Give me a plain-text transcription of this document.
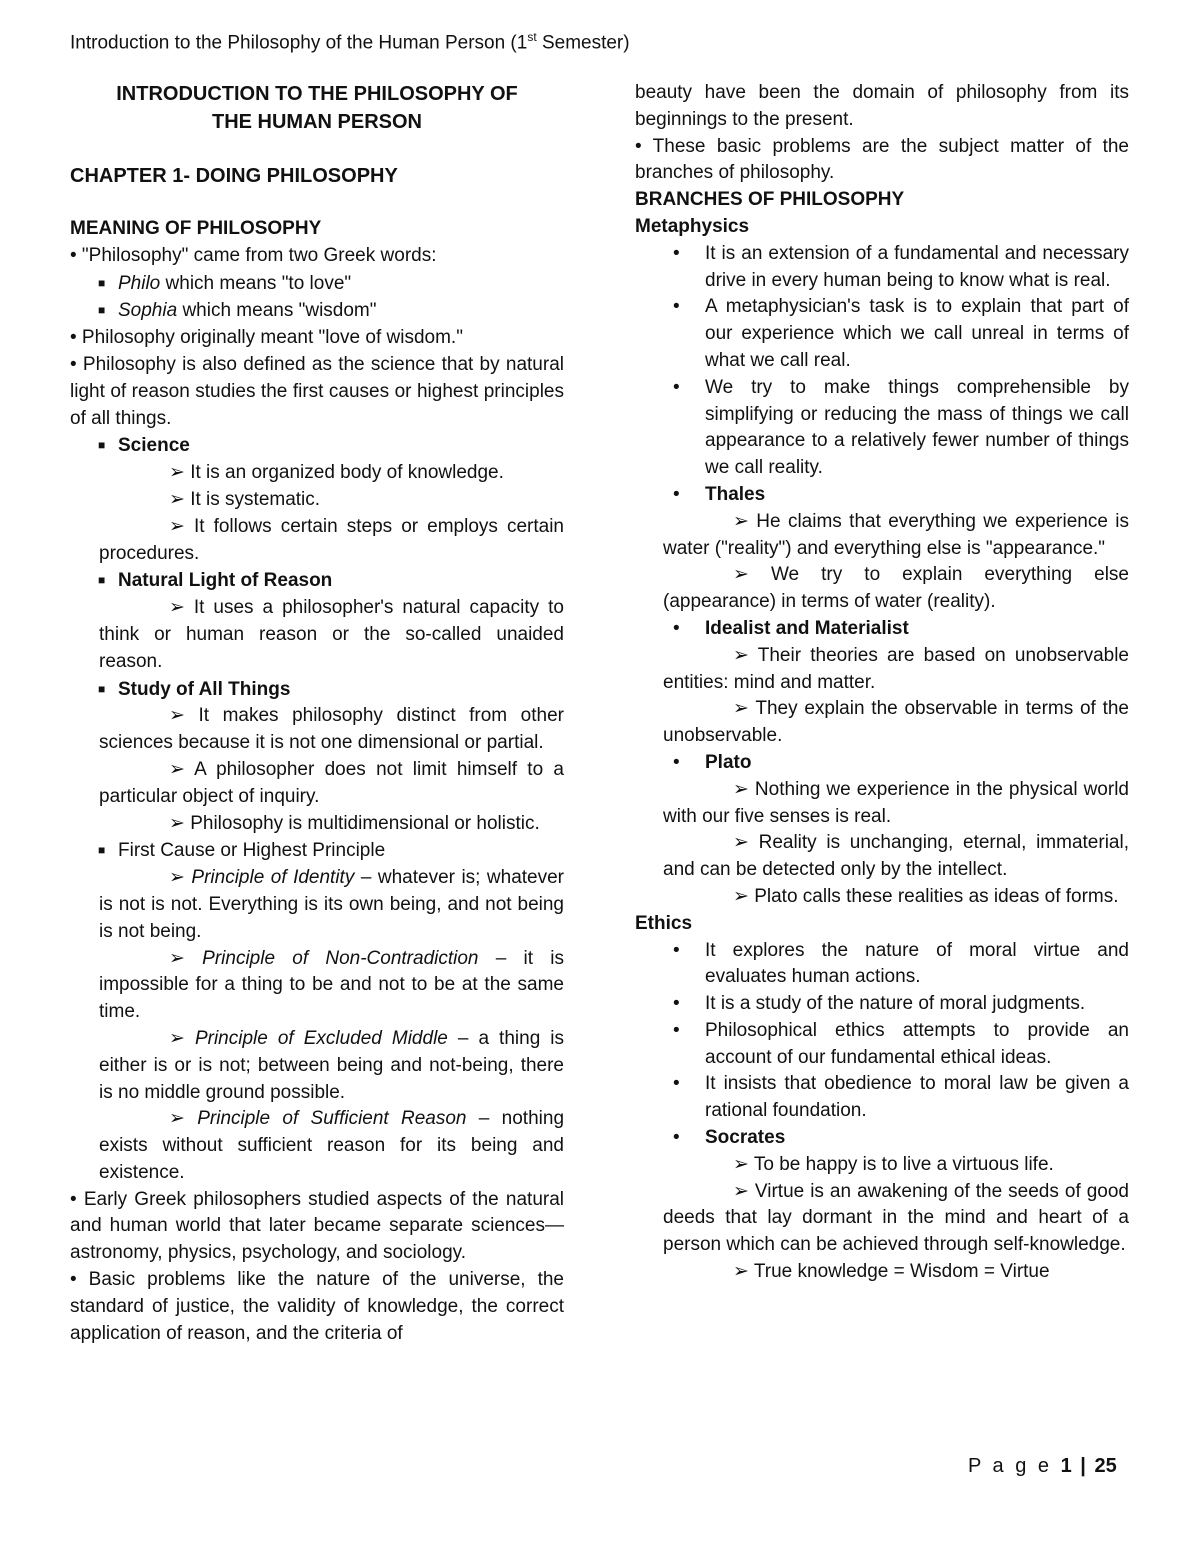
Introduction to the Philosophy of the Human Person (1st Semester)

INTRODUCTION TO THE PHILOSOPHY OF

THE HUMAN PERSON

CHAPTER 1- DOING PHILOSOPHY

MEANING OF PHILOSOPHY

• "Philosophy" came from two Greek words:

■ Philo which means "to love"

■ Sophia which means "wisdom"

• Philosophy originally meant "love of wisdom."

• Philosophy is also defined as the science that by natural light of reason studies the first causes or highest principles of all things.

■ Science

➢ It is an organized body of knowledge.

➢ It is systematic.

➢ It follows certain steps or employs certain procedures.

■ Natural Light of Reason

➢ It uses a philosopher's natural capacity to think or human reason or the so-called unaided reason.

■ Study of All Things

➢ It makes philosophy distinct from other sciences because it is not one dimensional or partial.

➢ A philosopher does not limit himself to a particular object of inquiry.

➢ Philosophy is multidimensional or holistic.

■ First Cause or Highest Principle

➢ Principle of Identity – whatever is; whatever is not is not. Everything is its own being, and not being is not being.

➢ Principle of Non-Contradiction – it is impossible for a thing to be and not to be at the same time.

➢ Principle of Excluded Middle – a thing is either is or is not; between being and not-being, there is no middle ground possible.

➢ Principle of Sufficient Reason – nothing exists without sufficient reason for its being and existence.

• Early Greek philosophers studied aspects of the natural and human world that later became separate sciences—astronomy, physics, psychology, and sociology.

• Basic problems like the nature of the universe, the standard of justice, the validity of knowledge, the correct application of reason, and the criteria of

beauty have been the domain of philosophy from its beginnings to the present.

• These basic problems are the subject matter of the branches of philosophy.

BRANCHES OF PHILOSOPHY

Metaphysics

• It is an extension of a fundamental and necessary drive in every human being to know what is real.

• A metaphysician's task is to explain that part of our experience which we call unreal in terms of what we call real.

• We try to make things comprehensible by simplifying or reducing the mass of things we call appearance to a relatively fewer number of things we call reality.

• Thales

➢ He claims that everything we experience is water ("reality") and everything else is "appearance."

➢ We try to explain everything else (appearance) in terms of water (reality).

• Idealist and Materialist

➢ Their theories are based on unobservable entities: mind and matter.

➢ They explain the observable in terms of the unobservable.

• Plato

➢ Nothing we experience in the physical world with our five senses is real.

➢ Reality is unchanging, eternal, immaterial, and can be detected only by the intellect.

➢ Plato calls these realities as ideas of forms.

Ethics

• It explores the nature of moral virtue and evaluates human actions.

• It is a study of the nature of moral judgments.

• Philosophical ethics attempts to provide an account of our fundamental ethical ideas.

• It insists that obedience to moral law be given a rational foundation.

• Socrates

➢ To be happy is to live a virtuous life.

➢ Virtue is an awakening of the seeds of good deeds that lay dormant in the mind and heart of a person which can be achieved through self-knowledge.

➢ True knowledge = Wisdom = Virtue

P a g e 1 | 25
